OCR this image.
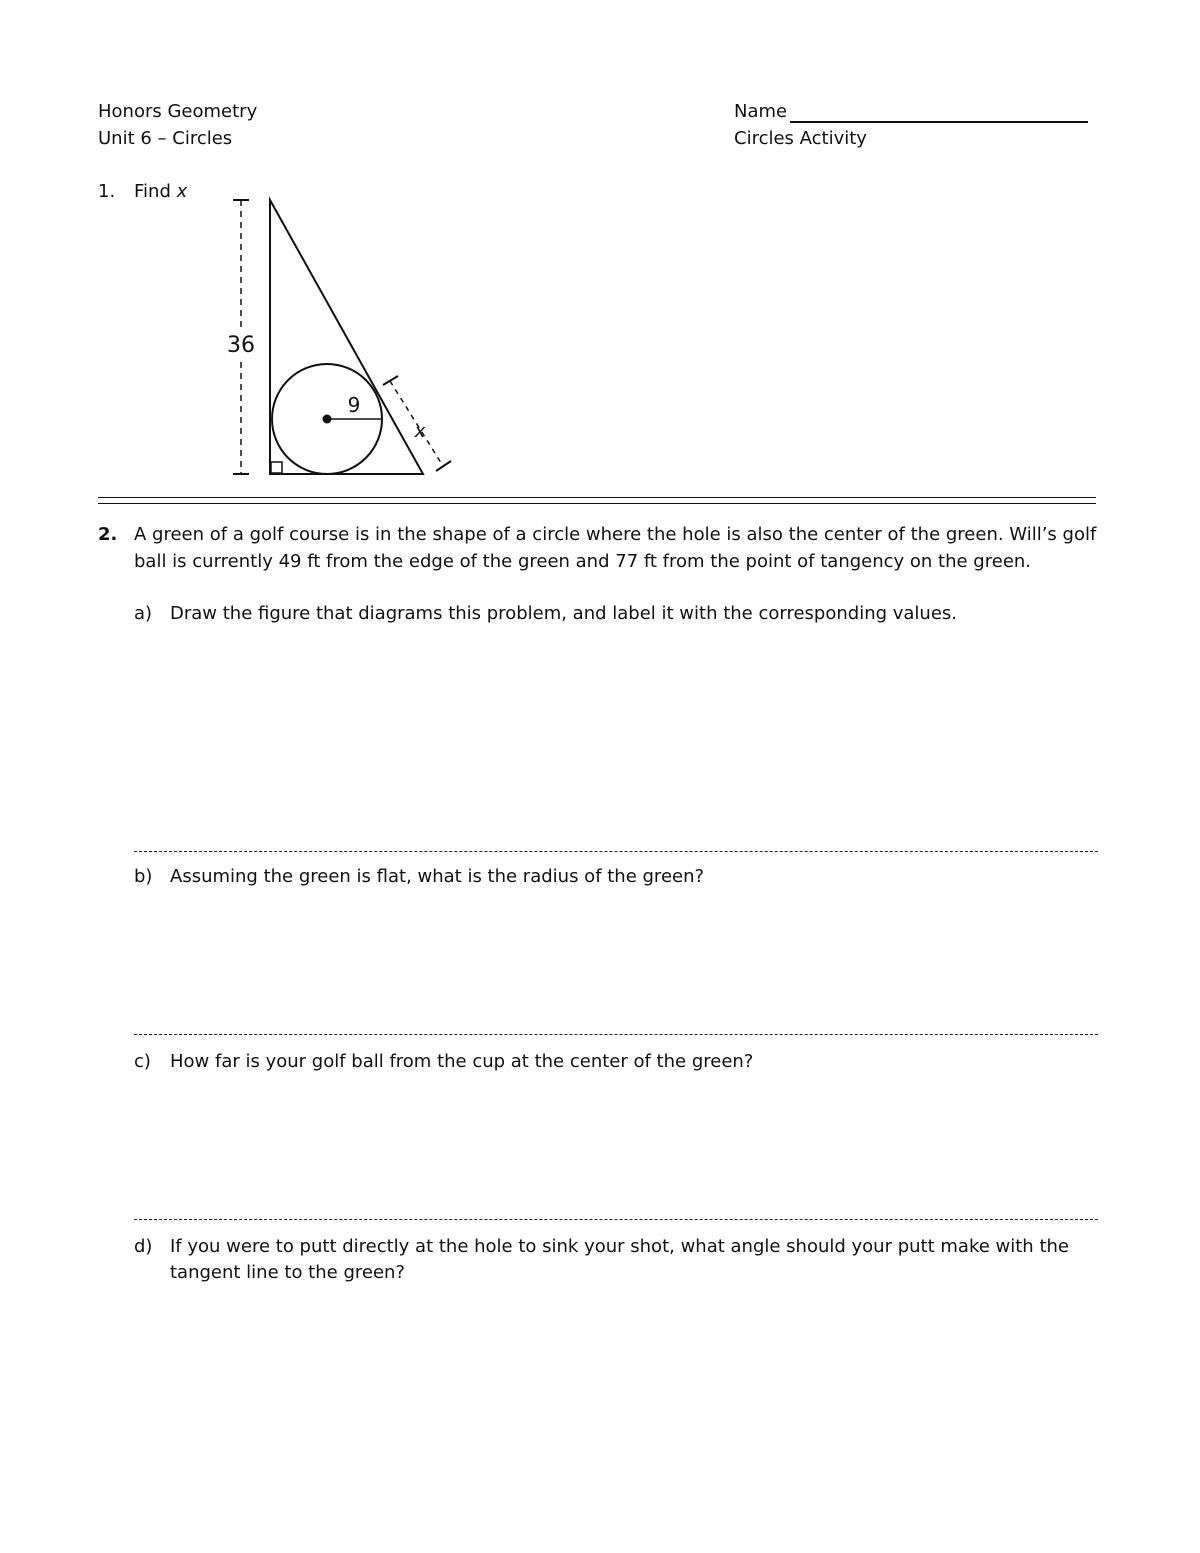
Honors Geometry
Unit 6 – Circles
Name
Circles Activity
1. Find x
36
9
x
2. A green of a golf course is in the shape of a circle where the hole is also the center of the green. Will’s golf
ball is currently 49 ft from the edge of the green and 77 ft from the point of tangency on the green.
a) Draw the figure that diagrams this problem, and label it with the corresponding values.
b) Assuming the green is flat, what is the radius of the green?
c) How far is your golf ball from the cup at the center of the green?
d) If you were to putt directly at the hole to sink your shot, what angle should your putt make with the
tangent line to the green?
